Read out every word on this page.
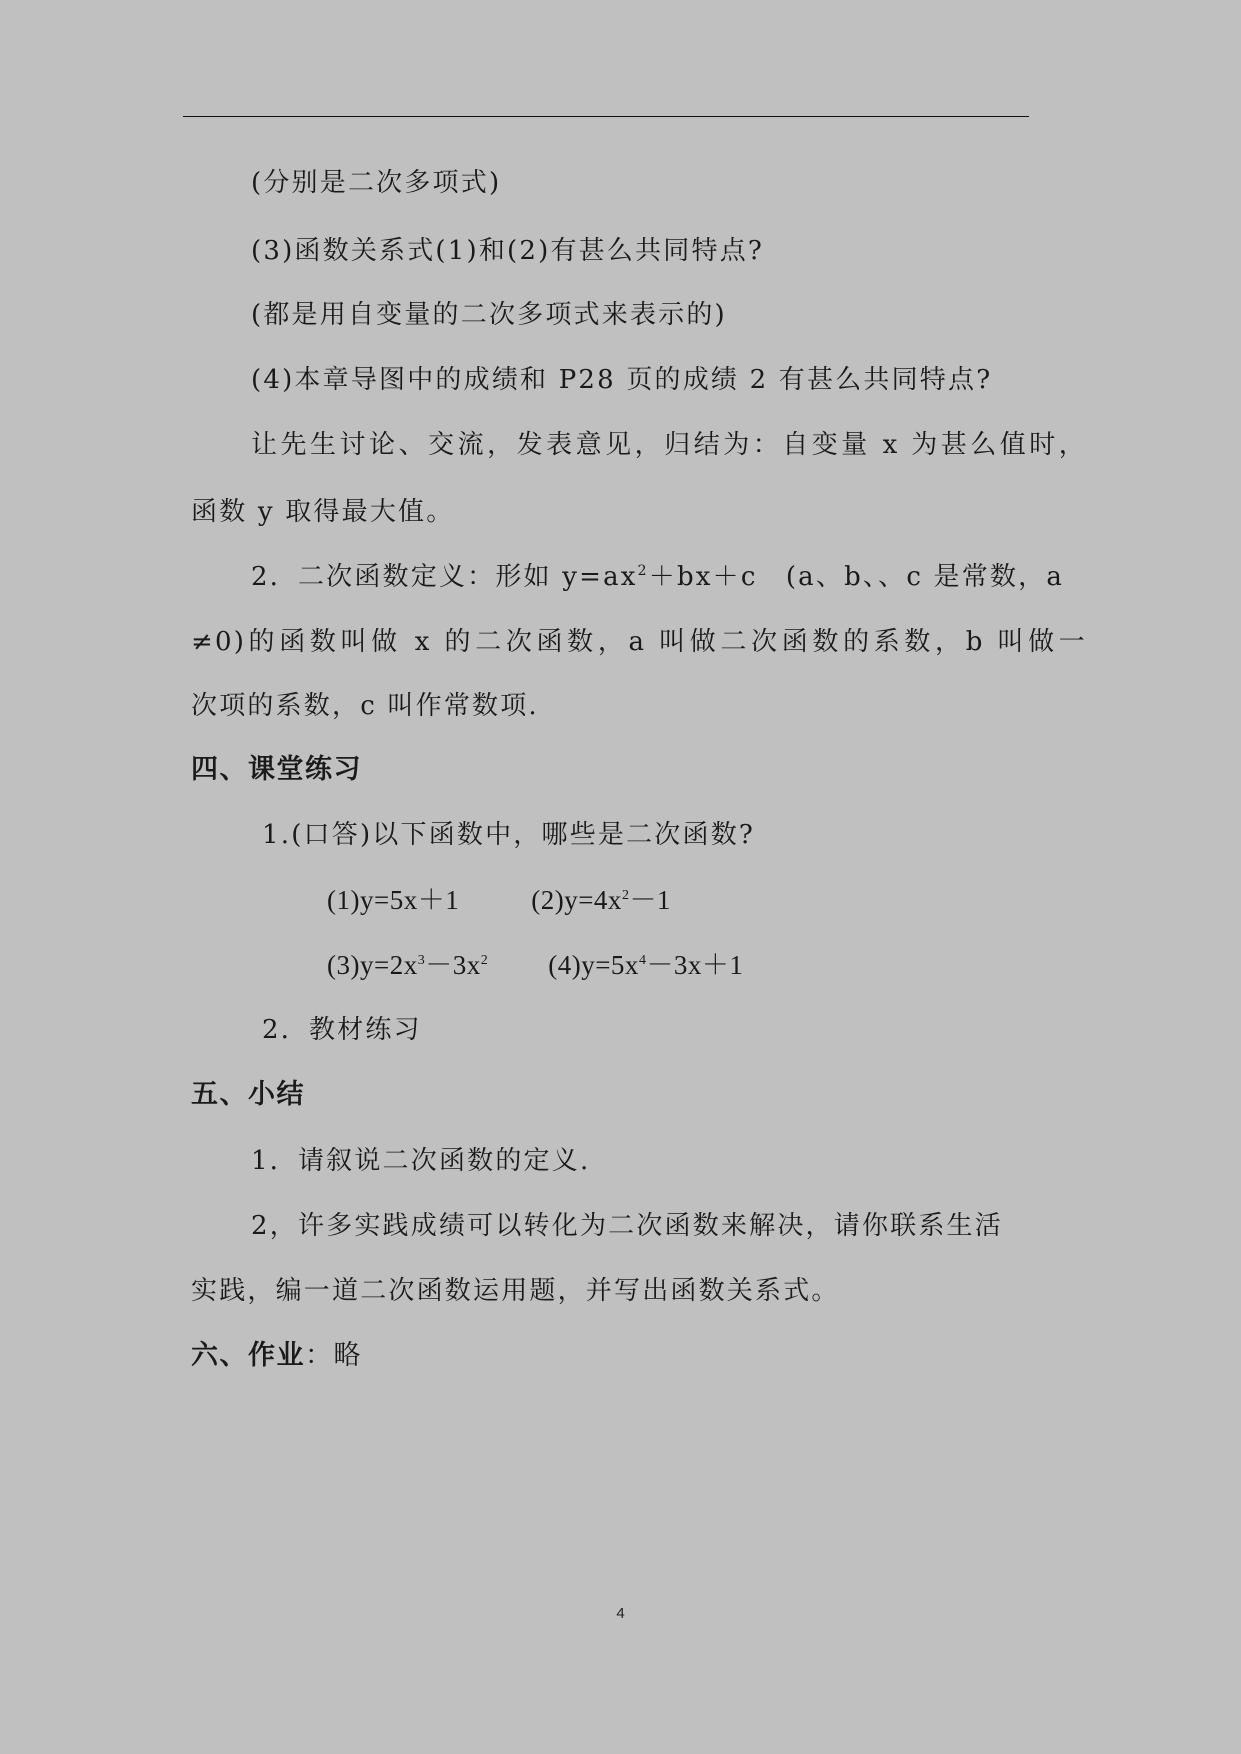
(分别是二次多项式)
(3)函数关系式(1)和(2)有甚么共同特点?
(都是用自变量的二次多项式来表示的)
(4)本章导图中的成绩和 P28 页的成绩 2 有甚么共同特点?
让先生讨论、交流，发表意见，归结为：自变量 x 为甚么值时，
函数 y 取得最大值。
2．二次函数定义：形如 $y=ax^2+bx+c$　(a、b、、c 是常数，a
≠0)的函数叫做 x 的二次函数，a 叫做二次函数的系数，b 叫做一
次项的系数，c 叫作常数项.
四、课堂练习
1.(口答)以下函数中，哪些是二次函数?
(1)y=5x＋1	$(2)y=4x^2-1$
$(3)y=2x^3-3x^2$ $(4)y=5x^4-3x+1$
2．教材练习
五、小结
1．请叙说二次函数的定义.
2，许多实践成绩可以转化为二次函数来解决，请你联系生活
实践，编一道二次函数运用题，并写出函数关系式。
六、作业：略
4
